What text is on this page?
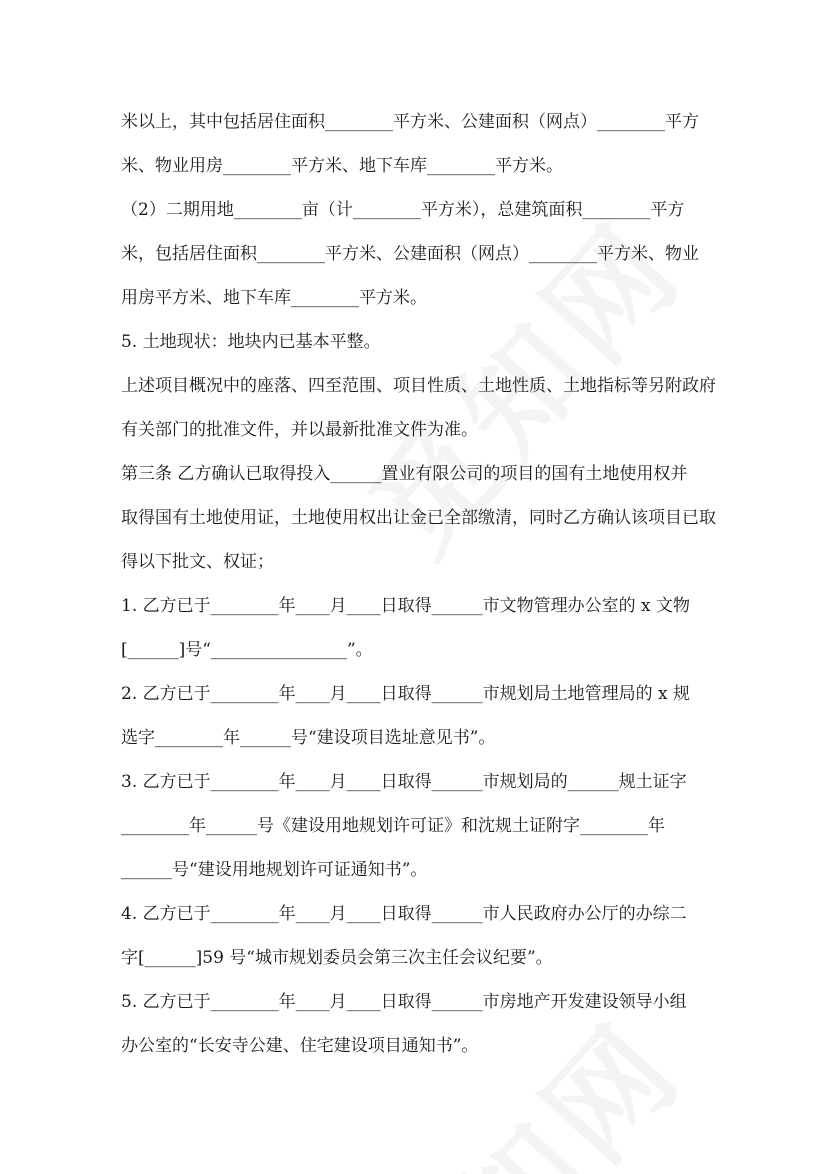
米以上，其中包括居住面积________平方米、公建面积（网点）________平方

米、物业用房________平方米、地下车库________平方米。

（2）二期用地________亩（计________平方米），总建筑面积________平方

米，包括居住面积________平方米、公建面积（网点）________平方米、物业

用房平方米、地下车库________平方米。

5. 土地现状：地块内已基本平整。

上述项目概况中的座落、四至范围、项目性质、土地性质、土地指标等另附政府

有关部门的批准文件，并以最新批准文件为准。

第三条 乙方确认已取得投入______置业有限公司的项目的国有土地使用权并

取得国有土地使用证，土地使用权出让金已全部缴清，同时乙方确认该项目已取

得以下批文、权证；

1. 乙方已于________年____月____日取得______市文物管理办公室的 x 文物

[______]号“________________”。

2. 乙方已于________年____月____日取得______市规划局土地管理局的 x 规

选字________年______号“建设项目选址意见书”。

3. 乙方已于________年____月____日取得______市规划局的______规土证字

________年______号《建设用地规划许可证》和沈规土证附字________年

______号“建设用地规划许可证通知书”。

4. 乙方已于________年____月____日取得______市人民政府办公厅的办综二

字[______]59 号“城市规划委员会第三次主任会议纪要”。

5. 乙方已于________年____月____日取得______市房地产开发建设领导小组

办公室的“长安寺公建、住宅建设项目通知书”。
